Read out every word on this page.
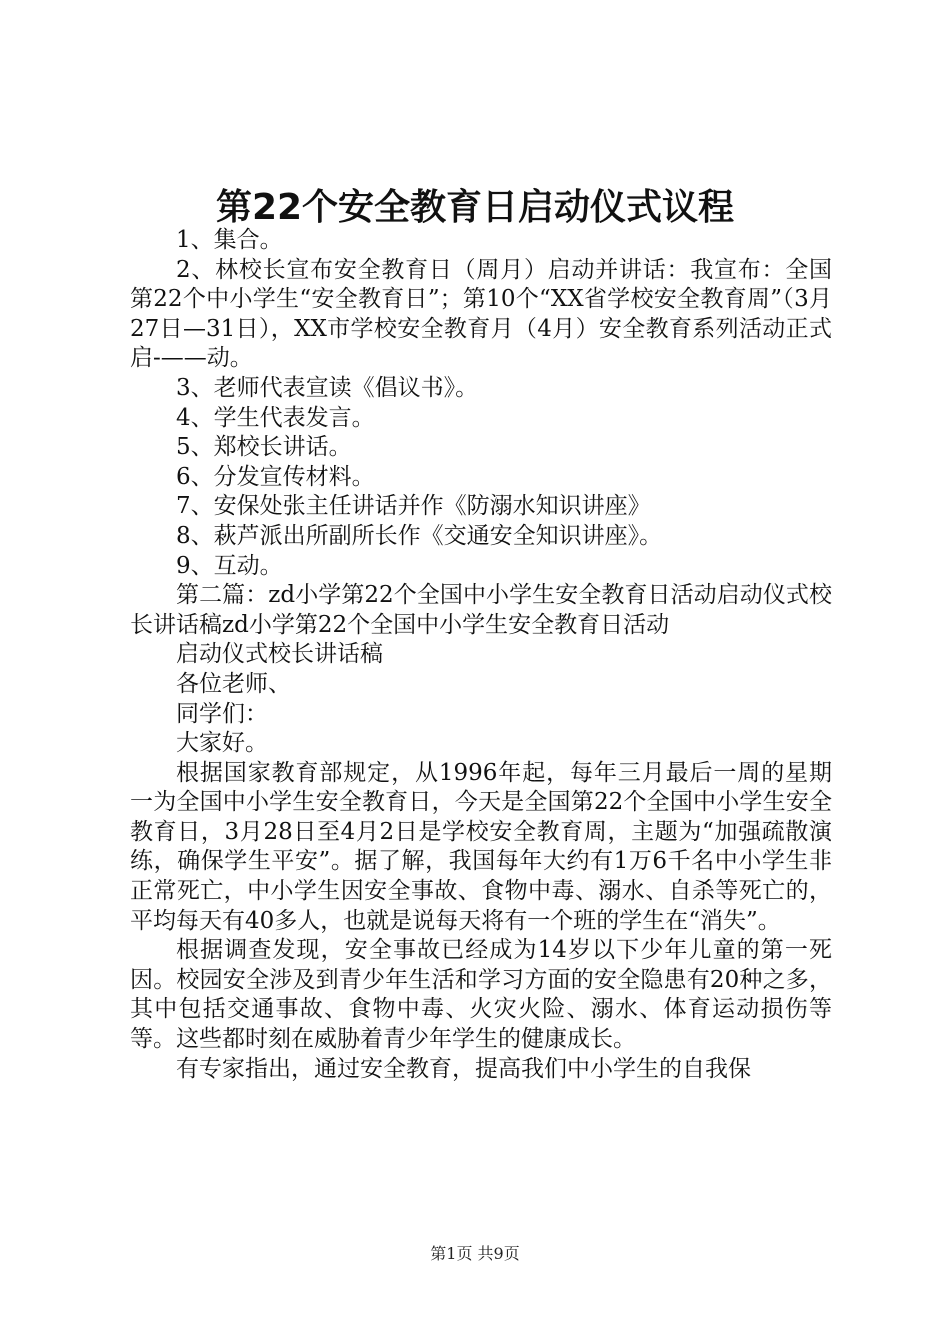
第22个安全教育日启动仪式议程

1、集合。

2、林校长宣布安全教育日（周月）启动并讲话：我宣布：全国第22个中小学生“安全教育日”；第10个“XX省学校安全教育周”（3月27日—31日），XX市学校安全教育月（4月）安全教育系列活动正式启-——动。

3、老师代表宣读《倡议书》。

4、学生代表发言。

5、郑校长讲话。

6、分发宣传材料。

7、安保处张主任讲话并作《防溺水知识讲座》

8、萩芦派出所副所长作《交通安全知识讲座》。

9、互动。

第二篇：zd小学第22个全国中小学生安全教育日活动启动仪式校长讲话稿zd小学第22个全国中小学生安全教育日活动

启动仪式校长讲话稿

各位老师、

同学们：

大家好。

根据国家教育部规定，从1996年起，每年三月最后一周的星期一为全国中小学生安全教育日，今天是全国第22个全国中小学生安全教育日，3月28日至4月2日是学校安全教育周，主题为“加强疏散演练，确保学生平安”。据了解，我国每年大约有1万6千名中小学生非正常死亡，中小学生因安全事故、食物中毒、溺水、自杀等死亡的，平均每天有40多人，也就是说每天将有一个班的学生在“消失”。

根据调查发现，安全事故已经成为14岁以下少年儿童的第一死因。校园安全涉及到青少年生活和学习方面的安全隐患有20种之多，其中包括交通事故、食物中毒、火灾火险、溺水、体育运动损伤等等。这些都时刻在威胁着青少年学生的健康成长。

有专家指出，通过安全教育，提高我们中小学生的自我保

第1页 共9页
